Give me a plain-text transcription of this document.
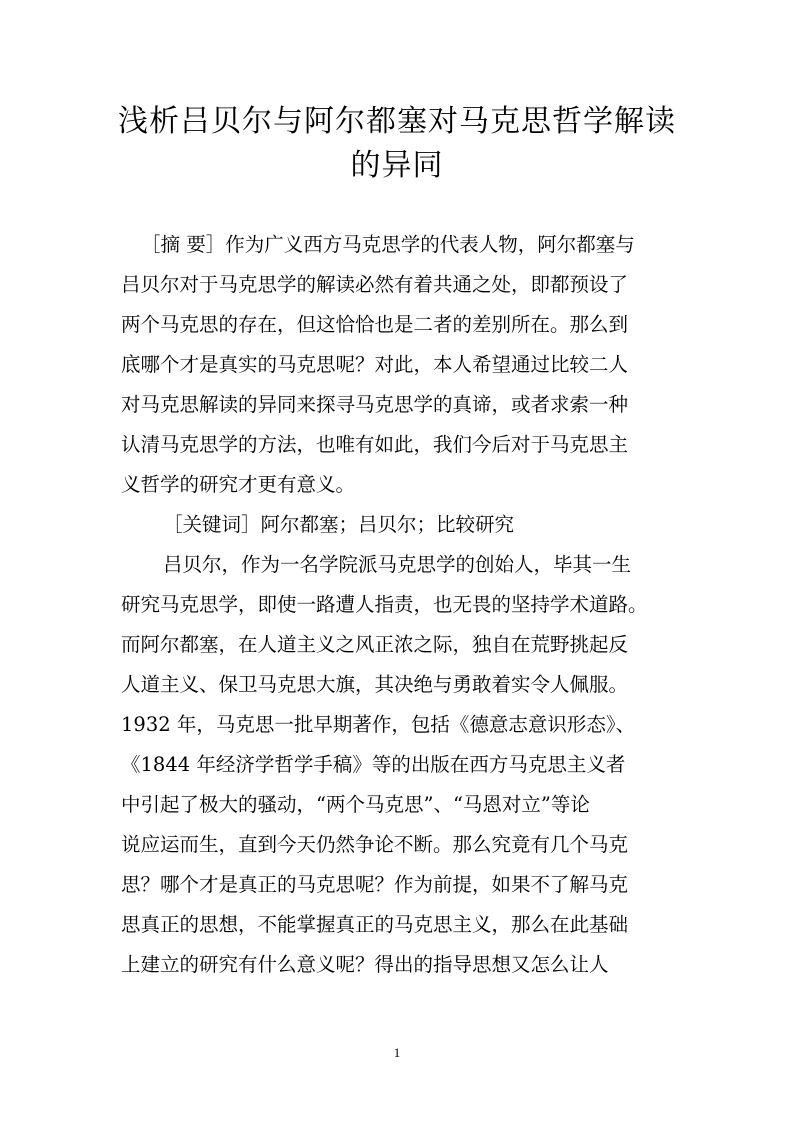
浅析吕贝尔与阿尔都塞对马克思哲学解读
的异同
［摘 要］作为广义西方马克思学的代表人物，阿尔都塞与
吕贝尔对于马克思学的解读必然有着共通之处，即都预设了
两个马克思的存在，但这恰恰也是二者的差别所在。那么到
底哪个才是真实的马克思呢？对此，本人希望通过比较二人
对马克思解读的异同来探寻马克思学的真谛，或者求索一种
认清马克思学的方法，也唯有如此，我们今后对于马克思主
义哲学的研究才更有意义。
［关键词］阿尔都塞；吕贝尔；比较研究
吕贝尔，作为一名学院派马克思学的创始人，毕其一生
研究马克思学，即使一路遭人指责，也无畏的坚持学术道路。
而阿尔都塞，在人道主义之风正浓之际，独自在荒野挑起反
人道主义、保卫马克思大旗，其决绝与勇敢着实令人佩服。
1932 年，马克思一批早期著作，包括《德意志意识形态》、
《1844 年经济学哲学手稿》等的出版在西方马克思主义者
中引起了极大的骚动，“两个马克思”、“马恩对立”等论
说应运而生，直到今天仍然争论不断。那么究竟有几个马克
思？哪个才是真正的马克思呢？作为前提，如果不了解马克
思真正的思想，不能掌握真正的马克思主义，那么在此基础
上建立的研究有什么意义呢？得出的指导思想又怎么让人
1
